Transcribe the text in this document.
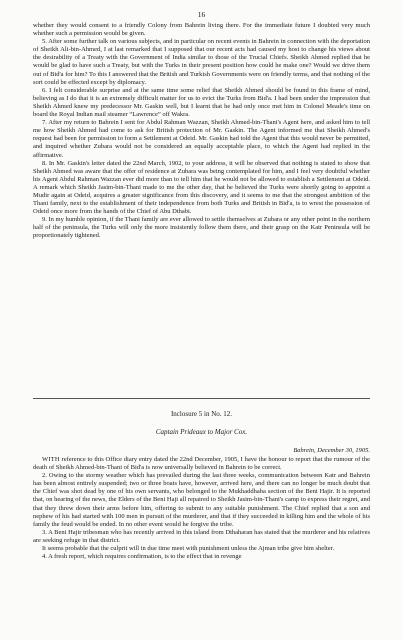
16

whether they would consent to a friendly Colony from Bahrein living there. For the immediate future I doubted very much whether such a permission would be given.

5. After some further talk on various subjects, and in particular on recent events in Bahrein in connection with the deportation of Sheikh Ali-bin-Ahmed, I at last remarked that I supposed that our recent acts had caused my host to change his views about the desirability of a Treaty with the Government of India similar to those of the Trucial Chiefs. Sheikh Ahmed replied that he would be glad to have such a Treaty, but with the Turks in their present position how could he make one? Would we drive them out of Bid'a for him? To this I answered that the British and Turkish Governments were on friendly terms, and that nothing of the sort could be effected except by diplomacy.

6. I felt considerable surprise and at the same time some relief that Sheikh Ahmed should be found in this frame of mind, believing as I do that it is an extremely difficult matter for us to evict the Turks from Bid'a. I had been under the impression that Sheikh Ahmed knew my predecessor Mr. Gaskin well, but I learnt that he had only once met him in Colonel Meade's time on board the Royal Indian mail steamer “Lawrence” off Wakra.

7. After my return to Bahrein I sent for Abdul Rahman Wazzan, Sheikh Ahmed-bin-Thani's Agent here, and asked him to tell me how Sheikh Ahmed had come to ask for British protection of Mr. Gaskin. The Agent informed me that Sheikh Ahmed's request had been for permission to form a Settlement at Odeid. Mr. Gaskin had told the Agent that this would never be permitted, and inquired whether Zubara would not be considered an equally acceptable place, to which the Agent had replied in the affirmative.

8. In Mr. Gaskin's letter dated the 22nd March, 1902, to your address, it will be observed that nothing is stated to show that Sheikh Ahmed was aware that the offer of residence at Zubara was being contemplated for him, and I feel very doubtful whether his Agent Abdul Rahman Wazzan ever did more than to tell him that he would not be allowed to establish a Settlement at Odeid. A remark which Sheikh Jasim-bin-Thani made to me the other day, that he believed the Turks were shortly going to appoint a Mudir again at Odeid, acquires a greater significance from this discovery, and it seems to me that the strongest ambition of the Thani family, next to the establishment of their independence from both Turks and British in Bid'a, is to wrest the possession of Odeid once more from the hands of the Chief of Abu Dthabi.

9. In my humble opinion, if the Thani family are ever allowed to settle themselves at Zubara or any other point in the northern half of the peninsula, the Turks will only the more insistently follow them there, and their grasp on the Katr Peninsula will be proportionately tightened.

Inclosure 5 in No. 12.
Captain Prideaux to Major Cox.
Bahrein, December 30, 1905.

WITH reference to this Office diary entry dated the 22nd December, 1905, I have the honour to report that the rumour of the death of Sheikh Ahmed-bin-Thani of Bid'a is now universally believed in Bahrein to be correct.

2. Owing to the stormy weather which has prevailed during the last three weeks, communication between Katr and Bahrein has been almost entirely suspended; two or three boats have, however, arrived here, and there can no longer be much doubt that the Chief was shot dead by one of his own servants, who belonged to the Mukhaddhaba section of the Beni Hajir. It is reported that, on hearing of the news, the Elders of the Beni Haji all repaired to Sheikh Jasim-bin-Thani's camp to express their regret, and that they threw down their arms before him, offering to submit to any suitable punishment. The Chief replied that a son and nephew of his had started with 100 men in pursuit of the murderer, and that if they succeeded in killing him and the whole of his family the feud would be ended. In no other event would he forgive the tribe.

3. A Beni Hajir tribesman who has recently arrived in this island from Dthaharan has stated that the murderer and his relatives are seeking refuge in that district.

It seems probable that the culprit will in due time meet with punishment unless the Ajman tribe give him shelter.

4. A fresh report, which requires confirmation, is to the effect that in revenge
